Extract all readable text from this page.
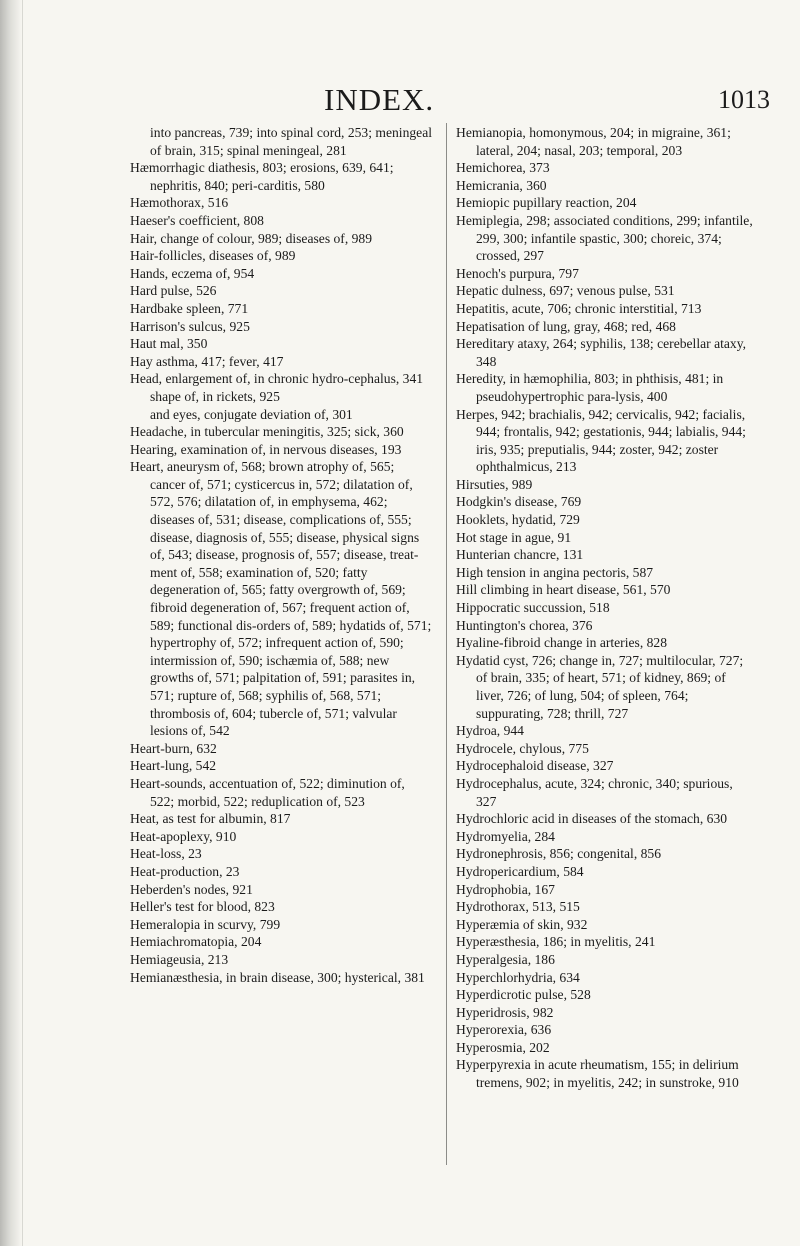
INDEX.	1013

into pancreas, 739; into spinal cord, 253; meningeal of brain, 315; spinal meningeal, 281

Hæmorrhagic diathesis, 803; erosions, 639, 641; nephritis, 840; peri-carditis, 580

Hæmothorax, 516

Haeser's coefficient, 808

Hair, change of colour, 989; diseases of, 989

Hair-follicles, diseases of, 989

Hands, eczema of, 954

Hard pulse, 526

Hardbake spleen, 771

Harrison's sulcus, 925

Haut mal, 350

Hay asthma, 417; fever, 417

Head, enlargement of, in chronic hydro-cephalus, 341

shape of, in rickets, 925

and eyes, conjugate deviation of, 301

Headache, in tubercular meningitis, 325; sick, 360

Hearing, examination of, in nervous diseases, 193

Heart, aneurysm of, 568; brown atrophy of, 565; cancer of, 571; cysticercus in, 572; dilatation of, 572, 576; dilatation of, in emphysema, 462; diseases of, 531; disease, complications of, 555; disease, diagnosis of, 555; disease, physical signs of, 543; disease, prognosis of, 557; disease, treat-ment of, 558; examination of, 520; fatty degeneration of, 565; fatty overgrowth of, 569; fibroid degeneration of, 567; frequent action of, 589; functional dis-orders of, 589; hydatids of, 571; hypertrophy of, 572; infrequent action of, 590; intermission of, 590; ischæmia of, 588; new growths of, 571; palpitation of, 591; parasites in, 571; rupture of, 568; syphilis of, 568, 571; thrombosis of, 604; tubercle of, 571; valvular lesions of, 542

Heart-burn, 632

Heart-lung, 542

Heart-sounds, accentuation of, 522; diminution of, 522; morbid, 522; reduplication of, 523

Heat, as test for albumin, 817

Heat-apoplexy, 910

Heat-loss, 23

Heat-production, 23

Heberden's nodes, 921

Heller's test for blood, 823

Hemeralopia in scurvy, 799

Hemiachromatopia, 204

Hemiageusia, 213

Hemianæsthesia, in brain disease, 300; hysterical, 381

Hemianopia, homonymous, 204; in migraine, 361; lateral, 204; nasal, 203; temporal, 203

Hemichorea, 373

Hemicrania, 360

Hemiopic pupillary reaction, 204

Hemiplegia, 298; associated conditions, 299; infantile, 299, 300; infantile spastic, 300; choreic, 374; crossed, 297

Henoch's purpura, 797

Hepatic dulness, 697; venous pulse, 531

Hepatitis, acute, 706; chronic interstitial, 713

Hepatisation of lung, gray, 468; red, 468

Hereditary ataxy, 264; syphilis, 138; cerebellar ataxy, 348

Heredity, in hæmophilia, 803; in phthisis, 481; in pseudohypertrophic para-lysis, 400

Herpes, 942; brachialis, 942; cervicalis, 942; facialis, 944; frontalis, 942; gestationis, 944; labialis, 944; iris, 935; preputialis, 944; zoster, 942; zoster ophthalmicus, 213

Hirsuties, 989

Hodgkin's disease, 769

Hooklets, hydatid, 729

Hot stage in ague, 91

Hunterian chancre, 131

High tension in angina pectoris, 587

Hill climbing in heart disease, 561, 570

Hippocratic succussion, 518

Huntington's chorea, 376

Hyaline-fibroid change in arteries, 828

Hydatid cyst, 726; change in, 727; multilocular, 727; of brain, 335; of heart, 571; of kidney, 869; of liver, 726; of lung, 504; of spleen, 764; suppurating, 728; thrill, 727

Hydroa, 944

Hydrocele, chylous, 775

Hydrocephaloid disease, 327

Hydrocephalus, acute, 324; chronic, 340; spurious, 327

Hydrochloric acid in diseases of the stomach, 630

Hydromyelia, 284

Hydronephrosis, 856; congenital, 856

Hydropericardium, 584

Hydrophobia, 167

Hydrothorax, 513, 515

Hyperæmia of skin, 932

Hyperæsthesia, 186; in myelitis, 241

Hyperalgesia, 186

Hyperchlorhydria, 634

Hyperdicrotic pulse, 528

Hyperidrosis, 982

Hyperorexia, 636

Hyperosmia, 202

Hyperpyrexia in acute rheumatism, 155; in delirium tremens, 902; in myelitis, 242; in sunstroke, 910
